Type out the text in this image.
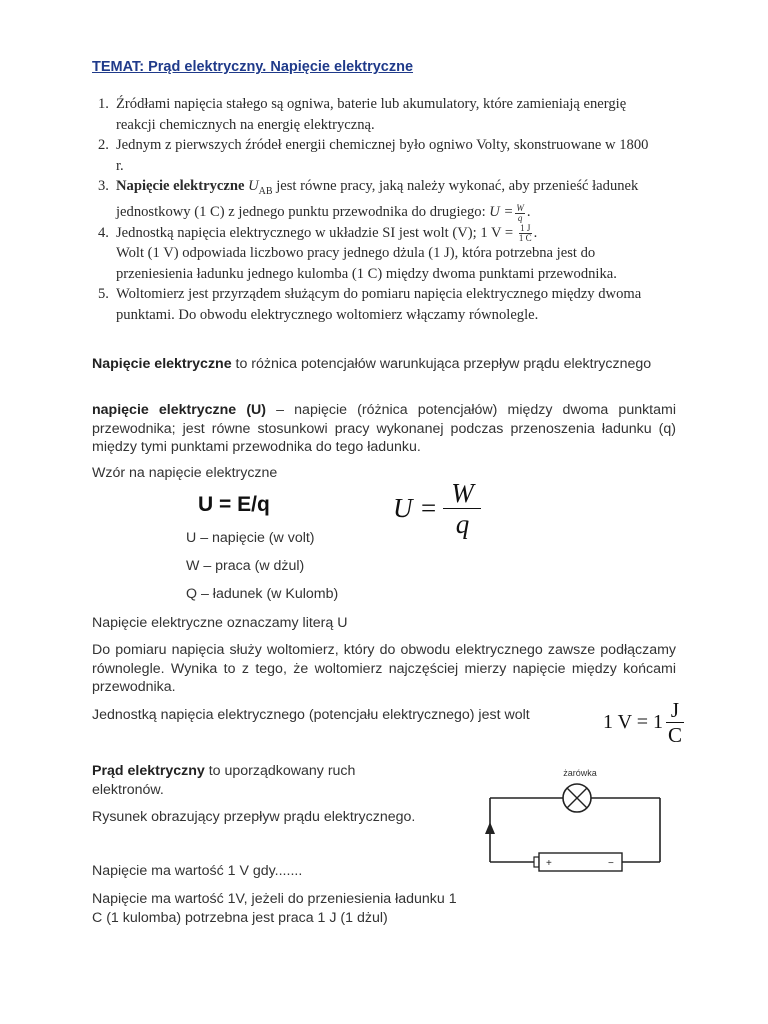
TEMAT: Prąd elektryczny. Napięcie elektryczne
1. Źródłami napięcia stałego są ogniwa, baterie lub akumulatory, które zamieniają energię reakcji chemicznych na energię elektryczną.
2. Jednym z pierwszych źródeł energii chemicznej było ogniwo Volty, skonstruowane w 1800 r.
3. Napięcie elektryczne $U_{AB}$ jest równe pracy, jaką należy wykonać, aby przenieść ładunek jednostkowy (1 C) z jednego punktu przewodnika do drugiego: $U = \frac{W}{q}$ .
4. Jednostką napięcia elektrycznego w układzie SI jest wolt (V); 1 $V = \frac{1 J}{1 C}$ .
Wolt (1 V) odpowiada liczbowo pracy jednego dżula (1 J), która potrzebna jest do przeniesienia ładunku jednego kulomba (1 C) między dwoma punktami przewodnika.
5. Woltomierz jest przyrządem służącym do pomiaru napięcia elektrycznego między dwoma punktami. Do obwodu elektrycznego woltomierz włączamy równolegle.
Napięcie elektryczne to różnica potencjałów warunkująca przepływ prądu elektrycznego
napięcie elektryczne (U) – napięcie (różnica potencjałów) między dwoma punktami przewodnika; jest równe stosunkowi pracy wykonanej podczas przenoszenia ładunku (q) między tymi punktami przewodnika do tego ładunku.
Wzór na napięcie elektryczne
U = E/q	U =
W
q
U – napięcie (w volt)
W – praca (w dżul)
Q – ładunek (w Kulomb)
Napięcie elektryczne oznaczamy literą U
Do pomiaru napięcia służy woltomierz, który do obwodu elektrycznego zawsze podłączamy równolegle. Wynika to z tego, że woltomierz najczęściej mierzy napięcie między końcami przewodnika.
Jednostką napięcia elektrycznego (potencjału elektrycznego) jest wolt	1 V = 1
J
C
Prąd elektryczny to uporządkowany ruch elektronów.
Rysunek obrazujący przepływ prądu elektrycznego.
żarówka
+	−
Napięcie ma wartość 1 V gdy.......
Napięcie ma wartość 1V, jeżeli do przeniesienia ładunku 1 C (1 kulomba) potrzebna jest praca 1 J (1 dżul)
